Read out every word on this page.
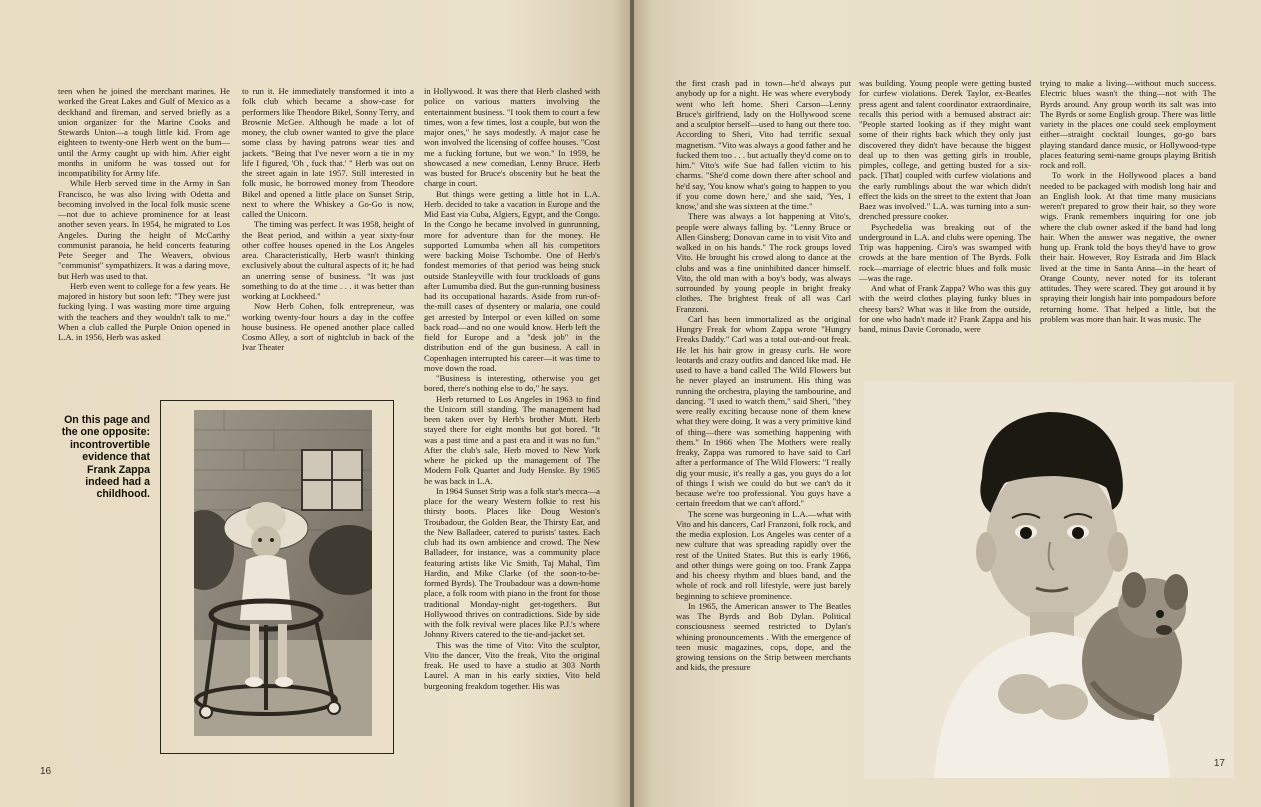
teen when he joined the merchant marines. He worked the Great Lakes and Gulf of Mexico as a deckhand and fireman, and served briefly as a union organizer for the Marine Cooks and Stewards Union—a tough little kid. From age eighteen to twenty-one Herb went on the bum—until the Army caught up with him. After eight months in uniform he was tossed out for incompatibility for Army life.

While Herb served time in the Army in San Francisco, he was also living with Odetta and becoming involved in the local folk music scene—not due to achieve prominence for at least another seven years. In 1954, he migrated to Los Angeles. During the height of McCarthy communist paranoia, he held concerts featuring Pete Seeger and The Weavers, obvious "communist" sympathizers. It was a daring move, but Herb was used to that.

Herb even went to college for a few years. He majored in history but soon left: "They were just fucking lying. I was wasting more time arguing with the teachers and they wouldn't talk to me." When a club called the Purple Onion opened in L.A. in 1956, Herb was asked

to run it. He immediately transformed it into a folk club which became a show-case for performers like Theodore Bikel, Sonny Terry, and Brownie McGee. Although he made a lot of money, the club owner wanted to give the place some class by having patrons wear ties and jackets. "Being that I've never worn a tie in my life I figured, 'Oh , fuck that.' " Herb was out on the street again in late 1957. Still interested in folk music, he borrowed money from Theodore Bikel and opened a little place on Sunset Strip, next to where the Whiskey a Go-Go is now, called the Unicorn.

The timing was perfect. It was 1958, height of the Beat period, and within a year sixty-four other coffee houses opened in the Los Angeles area. Characteristically, Herb wasn't thinking exclusively about the cultural aspects of it; he had an unerring sense of business. "It was just something to do at the time . . . it was better than working at Lockheed."

Now Herb Cohen, folk entrepreneur, was working twenty-four hours a day in the coffee house business. He opened another place called Cosmo Alley, a sort of nightclub in back of the Ivar Theater

in Hollywood. It was there that Herb clashed with police on various matters involving the entertainment business. "I took them to court a few times, won a few times, lost a couple, but won the major ones," he says modestly. A major case he won involved the licensing of coffee houses. "Cost me a fucking fortune, but we won." In 1959, he showcased a new comedian, Lenny Bruce. Herb was busted for Bruce's obscenity but he beat the charge in court.

But things were getting a little hot in L.A. Herb. decided to take a vacation in Europe and the Mid East via Cuba, Algiers, Egypt, and the Congo. In the Congo he became involved in gunrunning, more for adventure than for the money. He supported Lumumba when all his competitors were backing Moise Tschombe. One of Herb's fondest memories of that period was being stuck outside Stanleyville with four truckloads of guns after Lumumba died. But the gun-running business had its occupational hazards. Aside from run-of-the-mill cases of dysentery or malaria, one could get arrested by Interpol or even killed on some back road—and no one would know. Herb left the field for Europe and a "desk job" in the distribution end of the gun business. A call in Copenhagen interrupted his career—it was time to move down the road.

"Business is interesting, otherwise you get bored, there's nothing else to do," he says.

Herb returned to Los Angeles in 1963 to find the Unicorn still standing. The management had been taken over by Herb's brother Mutt. Herb stayed there for eight months but got bored. "It was a past time and a past era and it was no fun." After the club's sale, Herb moved to New York where he picked up the management of The Modern Folk Quartet and Judy Henske. By 1965 he was back in L.A.

In 1964 Sunset Strip was a folk star's mecca—a place for the weary Western folkie to rest his thirsty boots. Places like Doug Weston's Troubadour, the Golden Bear, the Thirsty Ear, and the New Balladeer, catered to purists' tastes. Each club had its own ambience and crowd. The New Balladeer, for instance, was a community place featuring artists like Vic Smith, Taj Mahal, Tim Hardin, and Mike Clarke (of the soon-to-be-formed Byrds). The Troubadour was a down-home place, a folk room with piano in the front for those traditional Monday-night get-togethers. But Hollywood thrives on contradictions. Side by side with the folk revival were places like P.J.'s where Johnny Rivers catered to the tie-and-jacket set.

This was the time of Vito: Vito the sculptor, Vito the dancer, Vito the freak, Vito the original freak. He used to have a studio at 303 North Laurel. A man in his early sixties, Vito held burgeoning freakdom together. His was

On this page and the one opposite: incontrovertible evidence that Frank Zappa indeed had a childhood.
16

the first crash pad in town—he'd always put anybody up for a night. He was where everybody went who left home. Sheri Carson—Lenny Bruce's girlfriend, lady on the Hollywood scene and a sculptor herself—used to hang out there too. According to Sheri, Vito had terrific sexual magnetism. "Vito was always a good father and he fucked them too . . . but actually they'd come on to him." Vito's wife Sue had fallen victim to his charms. "She'd come down there after school and he'd say, 'You know what's going to happen to you if you come down here,' and she said, 'Yes, I know,' and she was sixteen at the time."

There was always a lot happening at Vito's, people were always falling by. "Lenny Bruce or Allen Ginsberg; Donovan came in to visit Vito and walked in on his hands." The rock groups loved Vito. He brought his crowd along to dance at the clubs and was a fine uninhibited dancer himself. Vito, the old man with a boy's body, was always surrounded by young people in bright freaky clothes. The brightest freak of all was Carl Franzoni.

Carl has been immortalized as the original Hungry Freak for whom Zappa wrote "Hungry Freaks Daddy." Carl was a total out-and-out freak. He let his hair grow in greasy curls. He wore leotards and crazy outfits and danced like mad. He used to have a band called The Wild Flowers but he never played an instrument. His thing was running the orchestra, playing the tambourine, and dancing. "I used to watch them," said Sheri, "they were really exciting because none of them knew what they were doing. It was a very primitive kind of thing—there was something happening with them." In 1966 when The Mothers were really freaky, Zappa was rumored to have said to Carl after a performance of The Wild Flowers: "I really dig your music, it's really a gas, you guys do a lot of things I wish we could do but we can't do it because we're too professional. You guys have a certain freedom that we can't afford."

The scene was burgeoning in L.A.—what with Vito and his dancers, Carl Franzoni, folk rock, and the media explosion. Los Angeles was center of a new culture that was spreading rapidly over the rest of the United States. But this is early 1966, and other things were going on too. Frank Zappa and his cheesy rhythm and blues band, and the whole of rock and roll lifestyle, were just barely beginning to schieve prominence.

In 1965, the American answer to The Beatles was The Byrds and Bob Dylan. Political consciousness seemed restricted to Dylan's whining pronouncements . With the emergence of teen music magazines, cops, dope, and the growing tensions on the Strip between merchants and kids, the pressure

was building. Young people were getting busted for curfew violations. Derek Taylor, ex-Beatles press agent and talent coordinator extraordinaire, recalls this period with a bemused abstract air: "People started looking as if they might want some of their rights back which they only just discovered they didn't have because the biggest deal up to then was getting girls in trouble, pimples, college, and getting busted for a six-pack. [That] coupled with curfew violations and the early rumblings about the war which didn't effect the kids on the street to the extent that Joan Baez was involved." L.A. was turning into a sun-drenched pressure cooker.

Psychedelia was breaking out of the underground in L.A. and clubs were opening. The Trip was happening. Ciro's was swamped with crowds at the bare mention of The Byrds. Folk rock—marriage of electric blues and folk music—was the rage.

And what of Frank Zappa? Who was this guy with the weird clothes playing funky blues in cheesy bars? What was it like from the outside, for one who hadn't made it? Frank Zappa and his band, minus Davie Coronado, were

trying to make a living—without much success. Electric blues wasn't the thing—not with The Byrds around. Any group worth its salt was into The Byrds or some English group. There was little variety in the places one could seek employment either—straight cocktail lounges, go-go bars playing standard dance music, or Hollywood-type places featuring semi-name groups playing British rock and roll.

To work in the Hollywood places a band needed to be packaged with modish long hair and an English look. At that time many musicians weren't prepared to grow their hair, so they wore wigs. Frank remembers inquiring for one job where the club owner asked if the band had long hair. When the answer was negative, the owner hung up. Frank told the boys they'd have to grow their hair. However, Roy Estrada and Jim Black lived at the time in Santa Anna—in the heart of Orange County, never noted for its tolerant attitudes. They were scared. They got around it by spraying their longish hair into pompadours before returning home. That helped a little, but the problem was more than hair. It was music. The

17
